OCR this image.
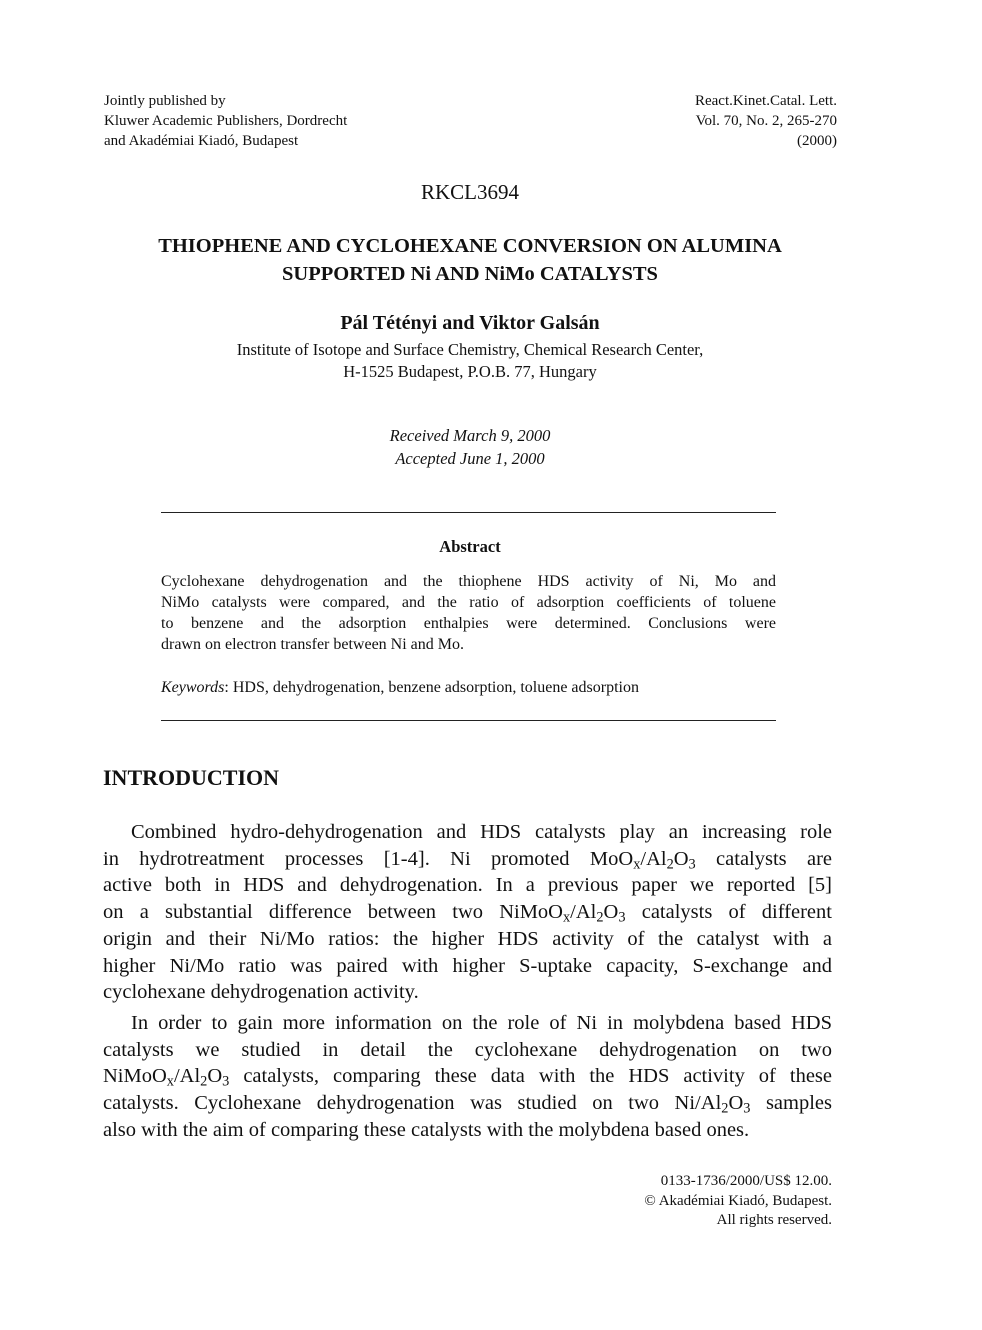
Jointly published by
Kluwer Academic Publishers, Dordrecht
and Akadémiai Kiadó, Budapest
React.Kinet.Catal. Lett.
Vol. 70, No. 2, 265-270
(2000)
RKCL3694
THIOPHENE AND CYCLOHEXANE CONVERSION ON ALUMINA
SUPPORTED Ni AND NiMo CATALYSTS
Pál Tétényi and Viktor Galsán
Institute of Isotope and Surface Chemistry, Chemical Research Center,
H-1525 Budapest, P.O.B. 77, Hungary
Received March 9, 2000
Accepted June 1, 2000
Abstract
Cyclohexane dehydrogenation and the thiophene HDS activity of Ni, Mo and
NiMo catalysts were compared, and the ratio of adsorption coefficients of toluene
to benzene and the adsorption enthalpies were determined. Conclusions were
drawn on electron transfer between Ni and Mo.
Keywords: HDS, dehydrogenation, benzene adsorption, toluene adsorption
INTRODUCTION
Combined hydro-dehydrogenation and HDS catalysts play an increasing role
in hydrotreatment processes [1-4]. Ni promoted $MoO_x/Al_2O_3$ catalysts are
active both in HDS and dehydrogenation. In a previous paper we reported [5]
on a substantial difference between two $NiMoO_x/Al_2O_3$ catalysts of different
origin and their Ni/Mo ratios: the higher HDS activity of the catalyst with a
higher Ni/Mo ratio was paired with higher S-uptake capacity, S-exchange and
cyclohexane dehydrogenation activity.
In order to gain more information on the role of Ni in molybdena based HDS
catalysts we studied in detail the cyclohexane dehydrogenation on two
$NiMoO_x/Al_2O_3$ catalysts, comparing these data with the HDS activity of these
catalysts. Cyclohexane dehydrogenation was studied on two $Ni/Al_2O_3$ samples
also with the aim of comparing these catalysts with the molybdena based ones.
0133-1736/2000/US$ 12.00.
© Akadémiai Kiadó, Budapest.
All rights reserved.
